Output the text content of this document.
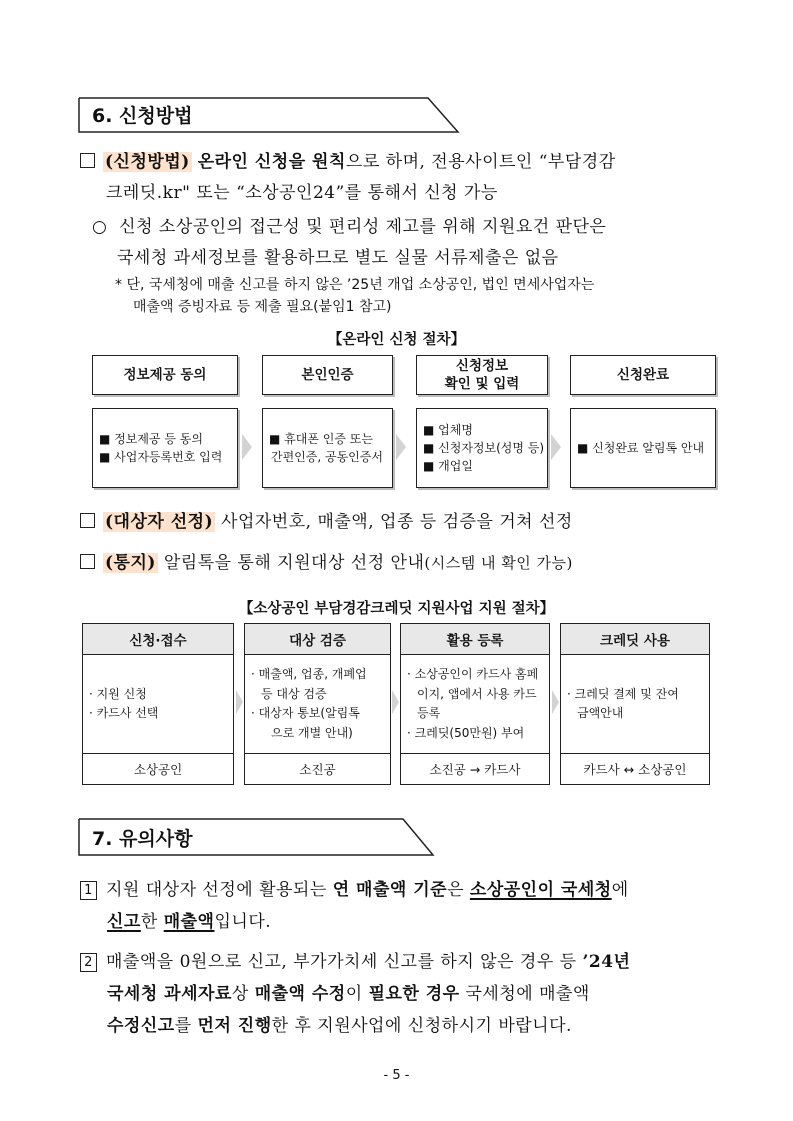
6. 신청방법
(신청방법) 온라인 신청을 원칙으로 하며, 전용사이트인 “부담경감
크레딧.kr" 또는 “소상공인24”를 통해서 신청 가능
○ 신청 소상공인의 접근성 및 편리성 제고를 위해 지원요건 판단은
국세청 과세정보를 활용하므로 별도 실물 서류제출은 없음
* 단, 국세청에 매출 신고를 하지 않은 ’25년 개업 소상공인, 법인 면세사업자는
매출액 증빙자료 등 제출 필요(붙임1 참고)
【온라인 신청 절차】
정보제공 동의	본인인증
신청정보
확인 및 입력
신청완료
■ 정보제공 등 동의
■ 사업자등록번호 입력
■ 휴대폰 인증 또는
간편인증, 공동인증서
■ 업체명
■ 신청자정보(성명 등)
■ 개업일
■ 신청완료 알림톡 안내
(대상자 선정) 사업자번호, 매출액, 업종 등 검증을 거쳐 선정
(통지) 알림톡을 통해 지원대상 선정 안내(시스템 내 확인 가능)
【소상공인 부담경감크레딧 지원사업 지원 절차】
신청·접수
· 지원 신청
· 카드사 선택
소상공인
대상 검증
· 매출액, 업종, 개폐업
등 대상 검증
· 대상자 통보(알림톡
으로 개별 안내)
소진공
활용 등록
· 소상공인이 카드사 홈페
이지, 앱에서 사용 카드
등록
· 크레딧(50만원) 부여
소진공 → 카드사
크레딧 사용
· 크레딧 결제 및 잔여
금액안내
카드사 ↔ 소상공인
7. 유의사항
1 지원 대상자 선정에 활용되는 연 매출액 기준은 소상공인이 국세청에
신고한 매출액입니다.
2 매출액을 0원으로 신고, 부가가치세 신고를 하지 않은 경우 등 ’24년
국세청 과세자료상 매출액 수정이 필요한 경우 국세청에 매출액
수정신고를 먼저 진행한 후 지원사업에 신청하시기 바랍니다.
- 5 -
